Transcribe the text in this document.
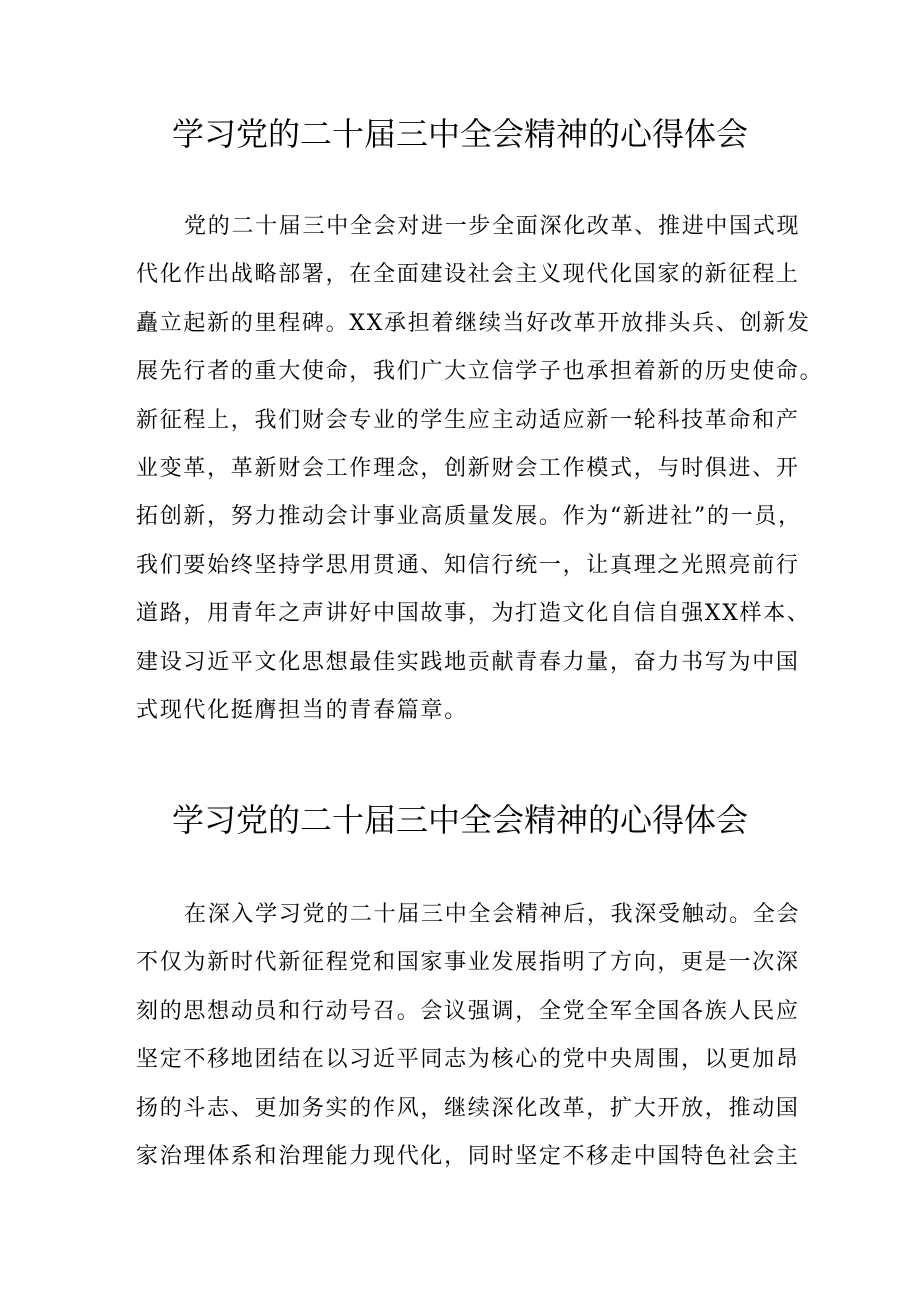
学习党的二十届三中全会精神的心得体会
党的二十届三中全会对进一步全面深化改革、推进中国式现
代化作出战略部署，在全面建设社会主义现代化国家的新征程上
矗立起新的里程碑。XX承担着继续当好改革开放排头兵、创新发
展先行者的重大使命，我们广大立信学子也承担着新的历史使命。
新征程上，我们财会专业的学生应主动适应新一轮科技革命和产
业变革，革新财会工作理念，创新财会工作模式，与时俱进、开
拓创新，努力推动会计事业高质量发展。作为“新进社”的一员，
我们要始终坚持学思用贯通、知信行统一，让真理之光照亮前行
道路，用青年之声讲好中国故事，为打造文化自信自强XX样本、
建设习近平文化思想最佳实践地贡献青春力量，奋力书写为中国
式现代化挺膺担当的青春篇章。
学习党的二十届三中全会精神的心得体会
在深入学习党的二十届三中全会精神后，我深受触动。全会
不仅为新时代新征程党和国家事业发展指明了方向，更是一次深
刻的思想动员和行动号召。会议强调，全党全军全国各族人民应
坚定不移地团结在以习近平同志为核心的党中央周围，以更加昂
扬的斗志、更加务实的作风，继续深化改革，扩大开放，推动国
家治理体系和治理能力现代化，同时坚定不移走中国特色社会主
